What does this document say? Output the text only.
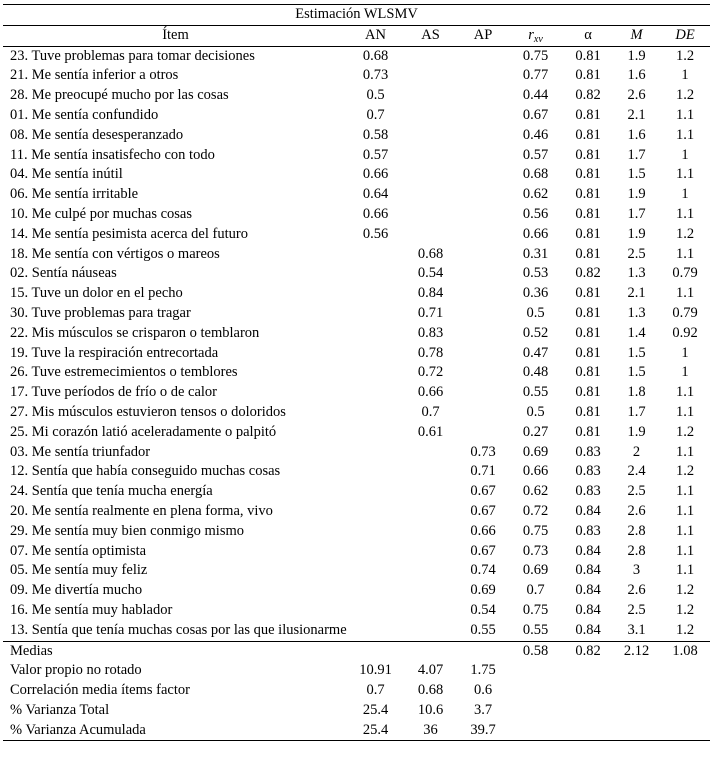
Estimación WLSMV							
Ítem	AN	AS	AP	$r_{xv}$	α	M	DE
23. Tuve problemas para tomar decisiones	0.68			0.75	0.81	1.9	1.2
21. Me sentía inferior a otros	0.73			0.77	0.81	1.6	1
28. Me preocupé mucho por las cosas	0.5			0.44	0.82	2.6	1.2
01. Me sentía confundido	0.7			0.67	0.81	2.1	1.1
08. Me sentía desesperanzado	0.58			0.46	0.81	1.6	1.1
11. Me sentía insatisfecho con todo	0.57			0.57	0.81	1.7	1
04. Me sentía inútil	0.66			0.68	0.81	1.5	1.1
06. Me sentía irritable	0.64			0.62	0.81	1.9	1
10. Me culpé por muchas cosas	0.66			0.56	0.81	1.7	1.1
14. Me sentía pesimista acerca del futuro	0.56			0.66	0.81	1.9	1.2
18. Me sentía con vértigos o mareos		0.68		0.31	0.81	2.5	1.1
02. Sentía náuseas		0.54		0.53	0.82	1.3	0.79
15. Tuve un dolor en el pecho		0.84		0.36	0.81	2.1	1.1
30. Tuve problemas para tragar		0.71		0.5	0.81	1.3	0.79
22. Mis músculos se crisparon o temblaron		0.83		0.52	0.81	1.4	0.92
19. Tuve la respiración entrecortada		0.78		0.47	0.81	1.5	1
26. Tuve estremecimientos o temblores		0.72		0.48	0.81	1.5	1
17. Tuve períodos de frío o de calor		0.66		0.55	0.81	1.8	1.1
27. Mis músculos estuvieron tensos o doloridos		0.7		0.5	0.81	1.7	1.1
25. Mi corazón latió aceleradamente o palpitó		0.61		0.27	0.81	1.9	1.2
03. Me sentía triunfador			0.73	0.69	0.83	2	1.1
12. Sentía que había conseguido muchas cosas			0.71	0.66	0.83	2.4	1.2
24. Sentía que tenía mucha energía			0.67	0.62	0.83	2.5	1.1
20. Me sentía realmente en plena forma, vivo			0.67	0.72	0.84	2.6	1.1
29. Me sentía muy bien conmigo mismo			0.66	0.75	0.83	2.8	1.1
07. Me sentía optimista			0.67	0.73	0.84	2.8	1.1
05. Me sentía muy feliz			0.74	0.69	0.84	3	1.1
09. Me divertía mucho			0.69	0.7	0.84	2.6	1.2
16. Me sentía muy hablador			0.54	0.75	0.84	2.5	1.2
13. Sentía que tenía muchas cosas por las que ilusionarme			0.55	0.55	0.84	3.1	1.2
Medias				0.58	0.82	2.12	1.08
Valor propio no rotado	10.91	4.07	1.75				
Correlación media ítems factor	0.7	0.68	0.6				
% Varianza Total	25.4	10.6	3.7				
% Varianza Acumulada	25.4	36	39.7				
